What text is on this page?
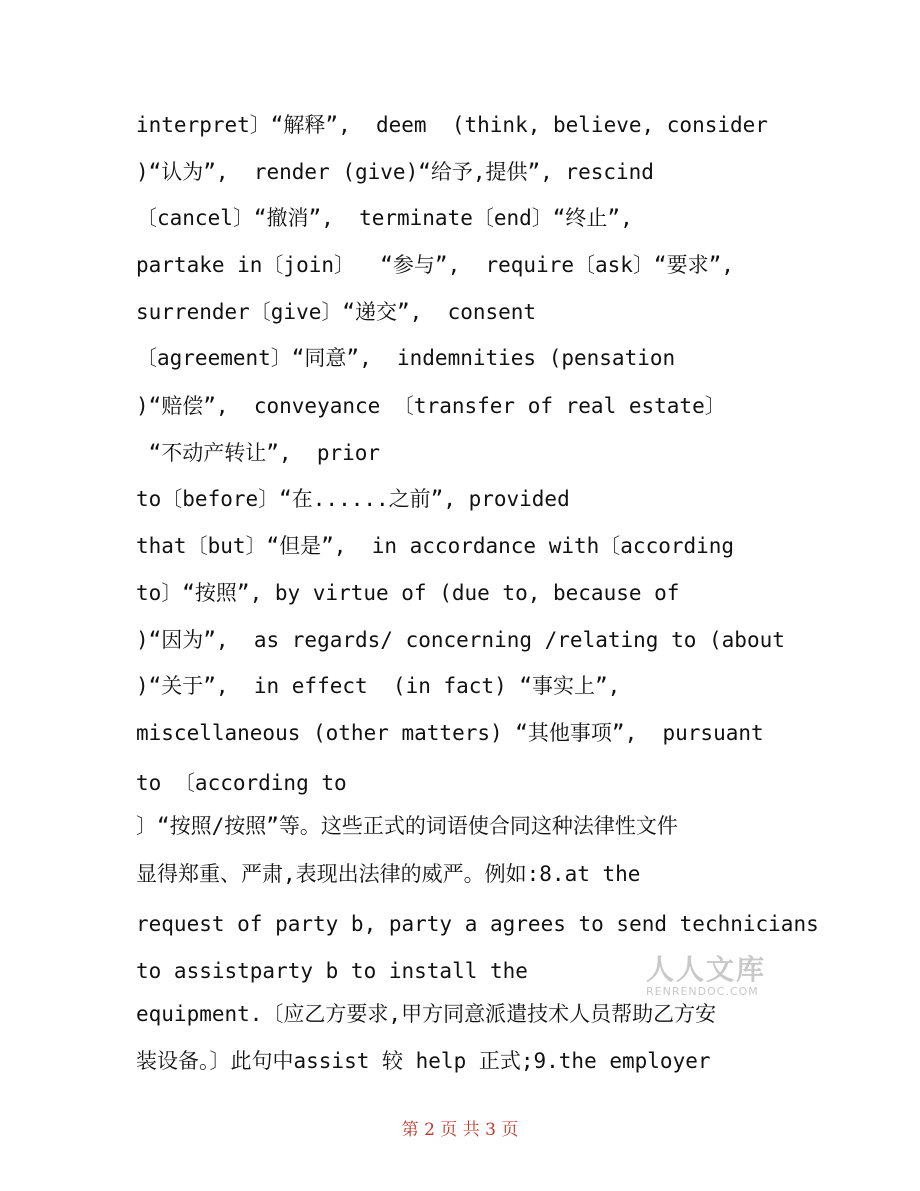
interpret〕“解释”,  deem  (think, believe, consider
)“认为”,  render (give)“给予,提供”, rescind
〔cancel〕“撤消”,  terminate〔end〕“终止”,
partake in〔join〕  “参与”,  require〔ask〕“要求”,
surrender〔give〕“递交”,  consent
〔agreement〕“同意”,  indemnities (pensation
)“赔偿”,  conveyance 〔transfer of real estate〕
“不动产转让”,  prior
to〔before〕“在......之前”, provided
that〔but〕“但是”,  in accordance with〔according
to〕“按照”, by virtue of (due to, because of
)“因为”,  as regards/ concerning /relating to (about
)“关于”,  in effect  (in fact) “事实上”,
miscellaneous (other matters) “其他事项”,  pursuant
to 〔according to
〕“按照/按照”等。这些正式的词语使合同这种法律性文件
显得郑重、严肃,表现出法律的威严。例如:8.at the
request of party b, party a agrees to send technicians
to assistparty b to install the
equipment.〔应乙方要求,甲方同意派遣技术人员帮助乙方安
装设备。〕此句中assist 较 help 正式;9.the employer
人人文库
RENRENDOC.COM
第 2 页 共 3 页
